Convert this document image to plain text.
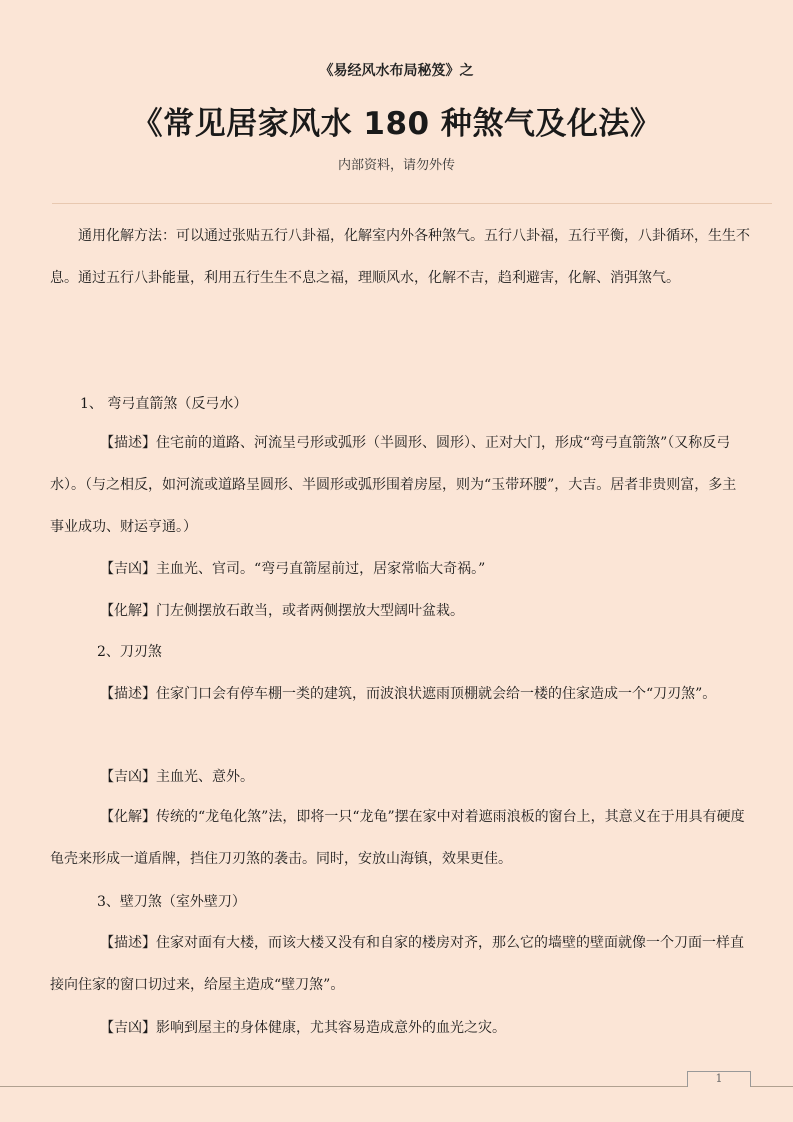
《易经风水布局秘笈》之
《常见居家风水 180 种煞气及化法》
内部资料，请勿外传
通用化解方法：可以通过张贴五行八卦福，化解室内外各种煞气。五行八卦福，五行平衡，八卦循环，生生不息。通过五行八卦能量，利用五行生生不息之福，理顺风水，化解不吉，趋利避害，化解、消弭煞气。
1、 弯弓直箭煞（反弓水）
【描述】住宅前的道路、河流呈弓形或弧形（半圆形、圆形）、正对大门，形成“弯弓直箭煞”（又称反弓水）。（与之相反，如河流或道路呈圆形、半圆形或弧形围着房屋，则为“玉带环腰”，大吉。居者非贵则富，多主事业成功、财运亨通。）
【吉凶】主血光、官司。“弯弓直箭屋前过，居家常临大奇祸。”
【化解】门左侧摆放石敢当，或者两侧摆放大型阔叶盆栽。
2、刀刃煞
【描述】住家门口会有停车棚一类的建筑，而波浪状遮雨顶棚就会给一楼的住家造成一个“刀刃煞”。
【吉凶】主血光、意外。
【化解】传统的“龙龟化煞”法，即将一只“龙龟”摆在家中对着遮雨浪板的窗台上，其意义在于用具有硬度龟壳来形成一道盾牌，挡住刀刃煞的袭击。同时，安放山海镇，效果更佳。
3、壁刀煞（室外壁刀）
【描述】住家对面有大楼，而该大楼又没有和自家的楼房对齐，那么它的墙壁的壁面就像一个刀面一样直接向住家的窗口切过来，给屋主造成“壁刀煞”。
【吉凶】影响到屋主的身体健康，尤其容易造成意外的血光之灾。
1
